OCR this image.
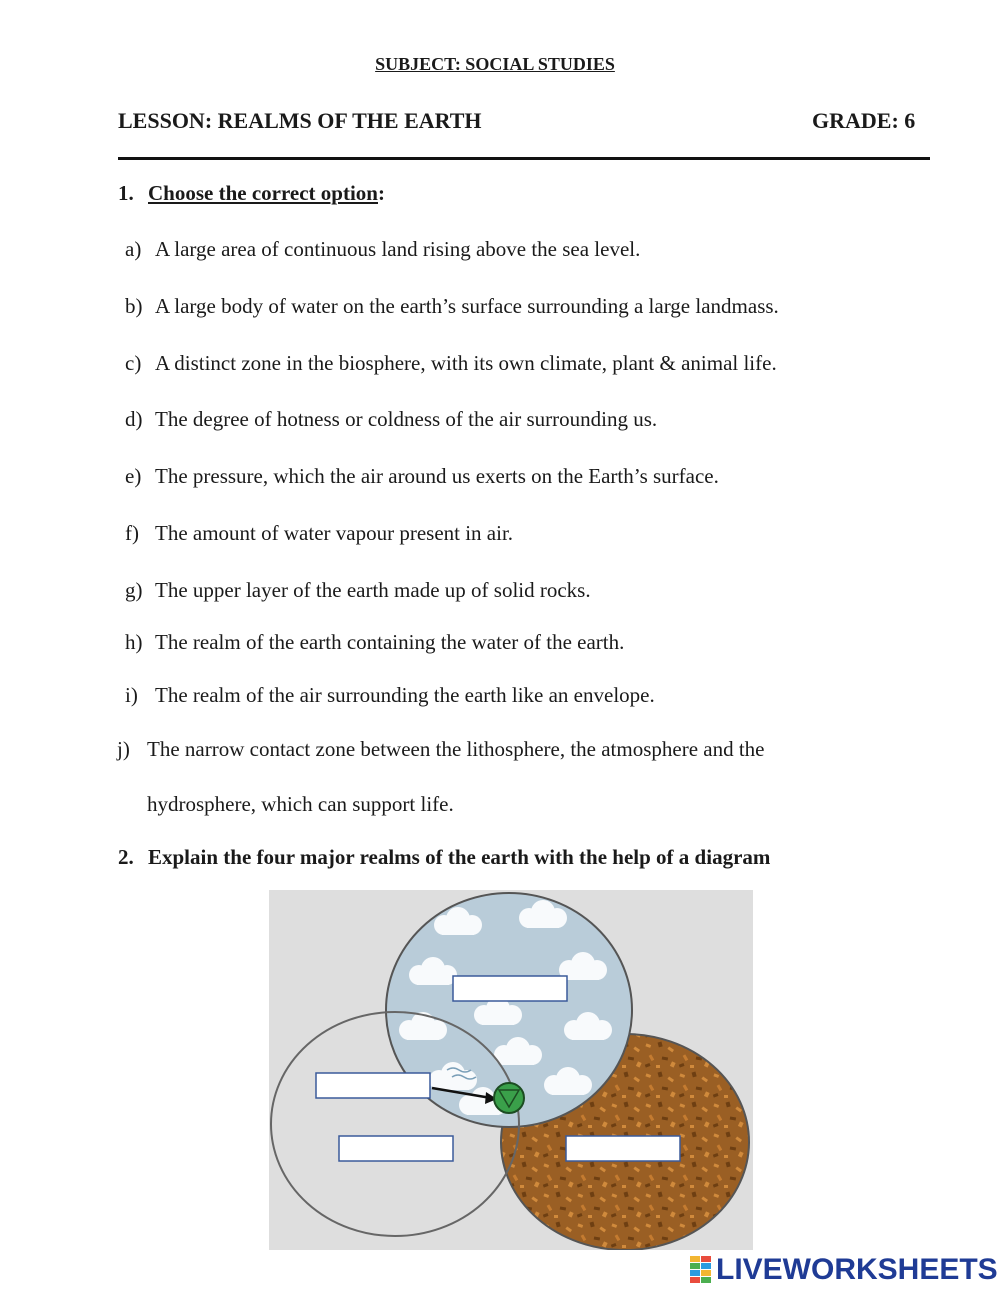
SUBJECT: SOCIAL STUDIES
LESSON: REALMS OF THE EARTH	GRADE: 6
1. Choose the correct option:
a) A large area of continuous land rising above the sea level.
b) A large body of water on the earth’s surface surrounding a large landmass.
c) A distinct zone in the biosphere, with its own climate, plant & animal life.
d) The degree of hotness or coldness of the air surrounding us.
e) The pressure, which the air around us exerts on the Earth’s surface.
f) The amount of water vapour present in air.
g) The upper layer of the earth made up of solid rocks.
h) The realm of the earth containing the water of the earth.
i) The realm of the air surrounding the earth like an envelope.
j) The narrow contact zone between the lithosphere, the atmosphere and the
hydrosphere, which can support life.
2. Explain the four major realms of the earth with the help of a diagram
LIVEWORKSHEETS
